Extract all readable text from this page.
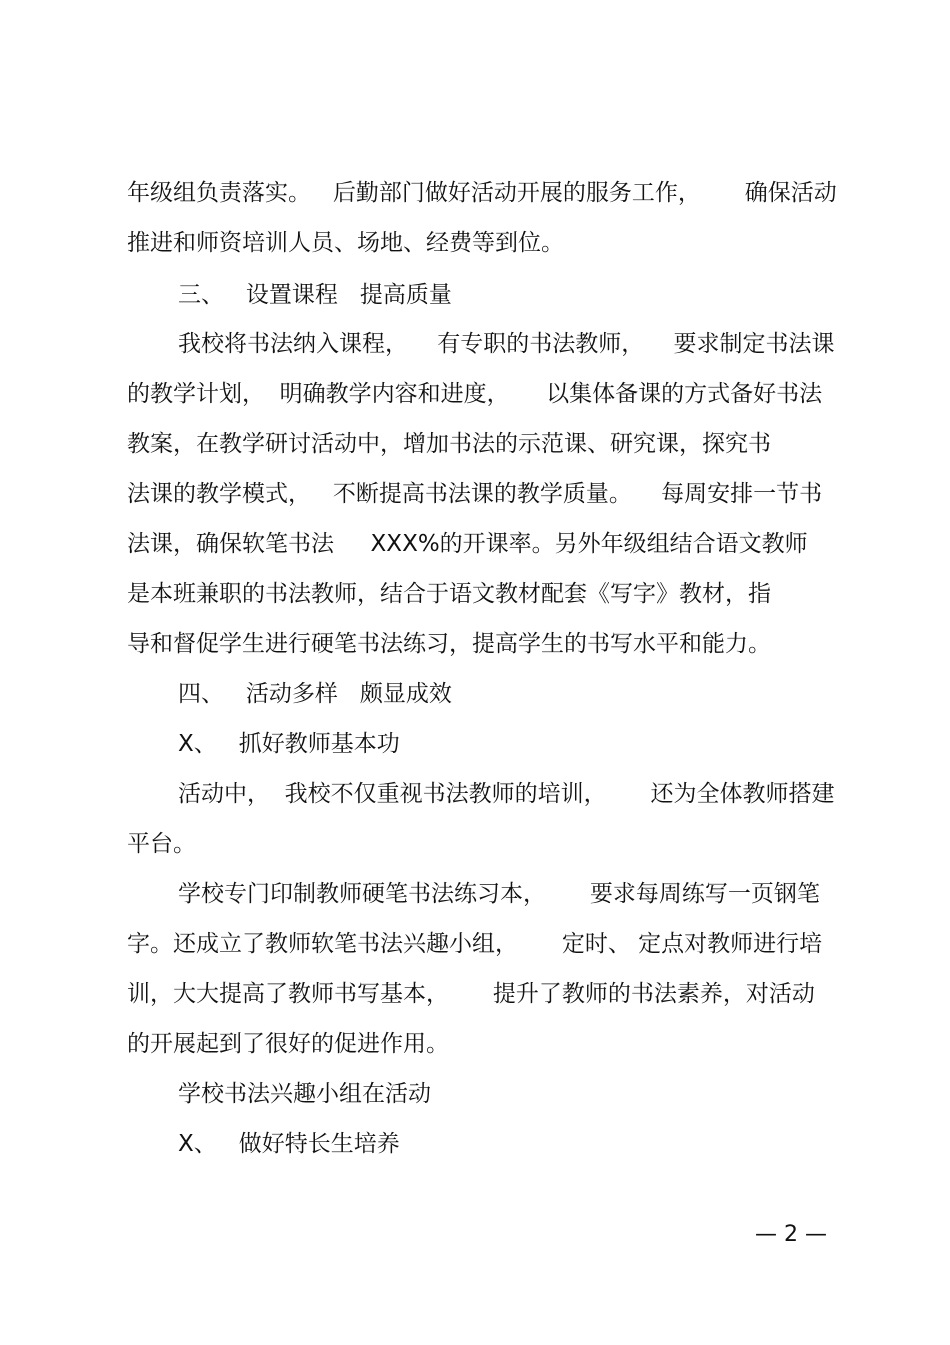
年级组负责落实。   后勤部门做好活动开展的服务工作，      确保活动
推进和师资培训人员、场地、经费等到位。
三、   设置课程   提高质量
我校将书法纳入课程，    有专职的书法教师，    要求制定书法课
的教学计划，  明确教学内容和进度，     以集体备课的方式备好书法
教案，在教学研讨活动中，增加书法的示范课、研究课，探究书
法课的教学模式，   不断提高书法课的教学质量。    每周安排一节书
法课，确保软笔书法     XXX%的开课率。另外年级组结合语文教师
是本班兼职的书法教师，结合于语文教材配套《写字》教材，指
导和督促学生进行硬笔书法练习，提高学生的书写水平和能力。
四、   活动多样   颇显成效
X、   抓好教师基本功
活动中，  我校不仅重视书法教师的培训，      还为全体教师搭建
平台。
学校专门印制教师硬笔书法练习本，      要求每周练写一页钢笔
字。还成立了教师软笔书法兴趣小组，      定时、 定点对教师进行培
训，大大提高了教师书写基本，      提升了教师的书法素养，对活动
的开展起到了很好的促进作用。
学校书法兴趣小组在活动
X、   做好特长生培养
— 2 —
